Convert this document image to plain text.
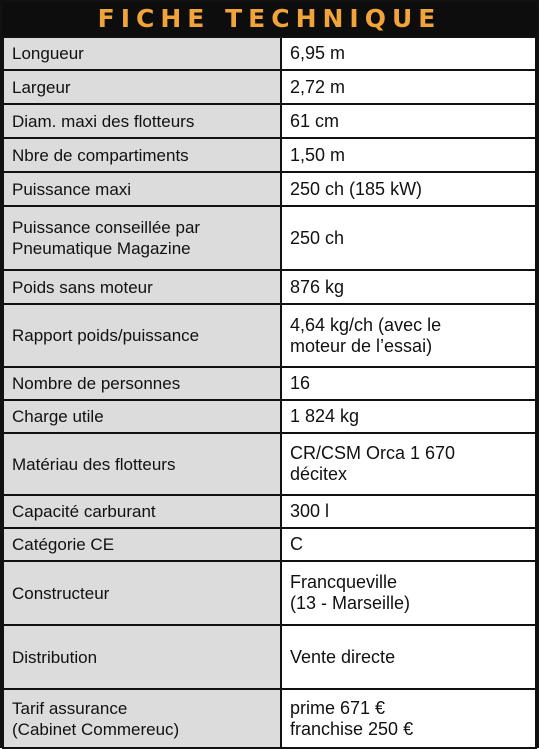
FICHE TECHNIQUE
Longueur	6,95 m
Largeur	2,72 m
Diam. maxi des flotteurs	61 cm
Nbre de compartiments	1,50 m
Puissance maxi	250 ch (185 kW)
Puissance conseillée par
Pneumatique Magazine	250 ch
Poids sans moteur	876 kg
Rapport poids/puissance	4,64 kg/ch (avec le
moteur de l’essai)
Nombre de personnes	16
Charge utile	1 824 kg
Matériau des flotteurs	CR/CSM Orca 1 670
décitex
Capacité carburant	300 l
Catégorie CE	C
Constructeur	Francqueville
(13 - Marseille)
Distribution	Vente directe
Tarif assurance
(Cabinet Commereuc)	prime 671 €
franchise 250 €
